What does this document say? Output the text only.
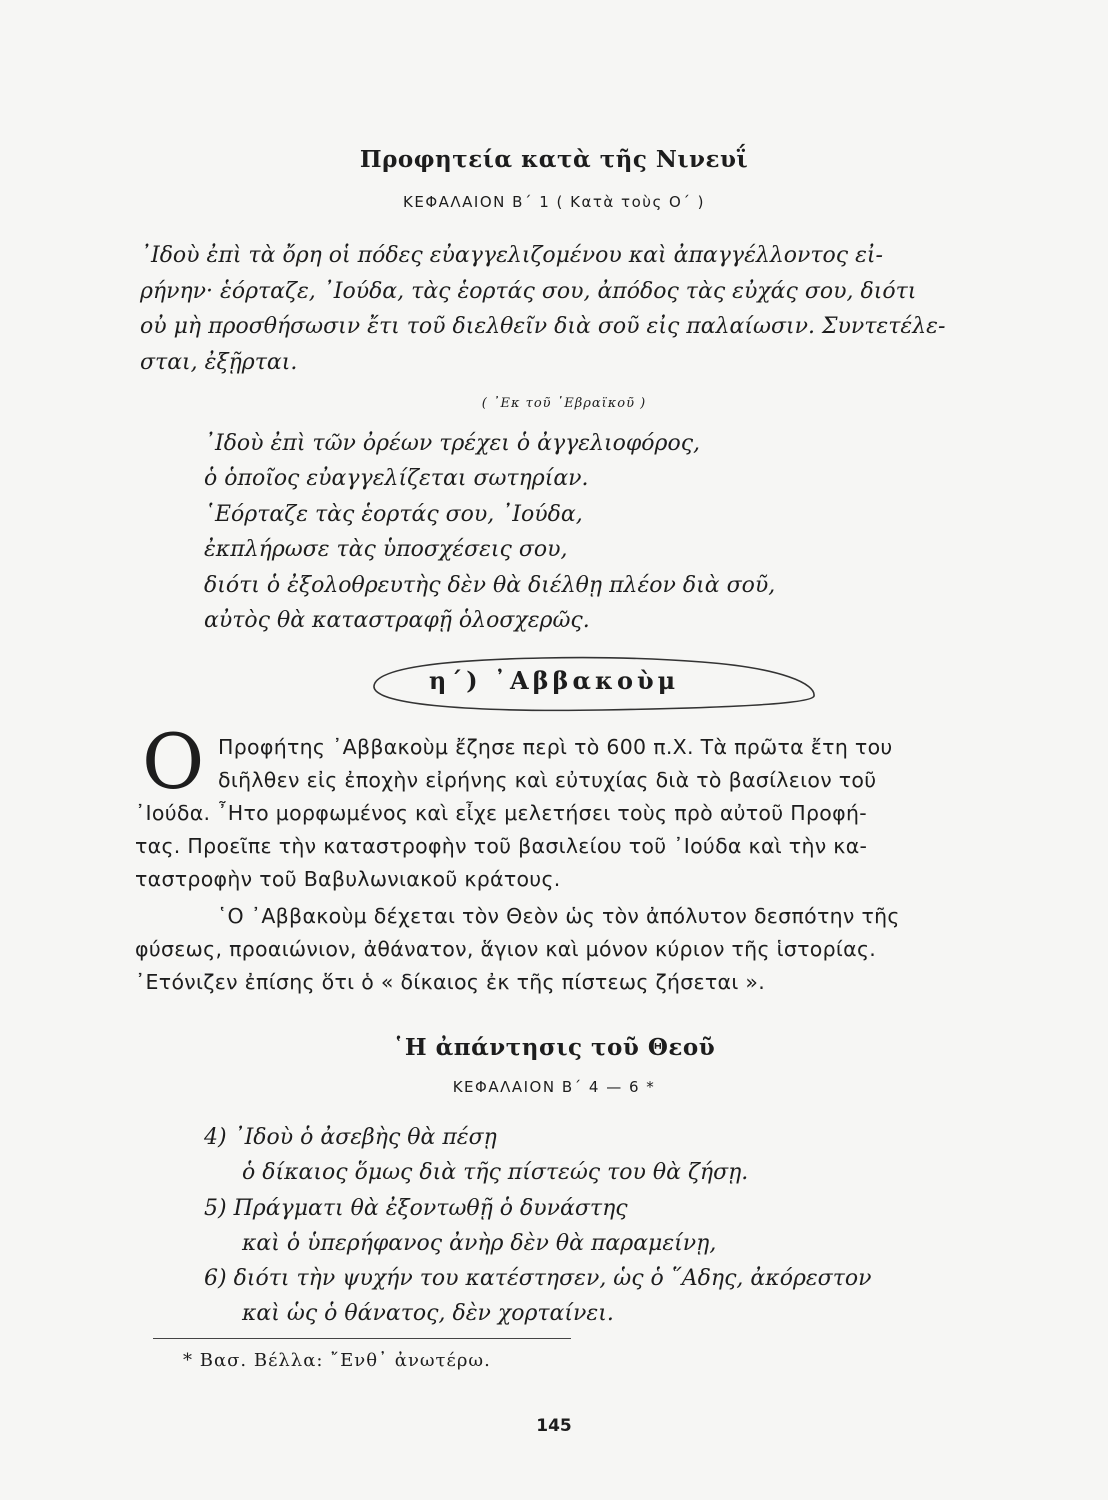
Προφητεία κατὰ τῆς Νινευΐ
ΚΕΦΑΛΑΙΟΝ Β΄ 1 ( Κατὰ τοὺς Ο΄ )
᾿Ιδοὺ ἐπὶ τὰ ὄρη οἱ πόδες εὐαγγελιζομένου καὶ ἀπαγγέλλοντος εἰ-
ρήνην· ἑόρταζε, ᾿Ιούδα, τὰς ἑορτάς σου, ἀπόδος τὰς εὐχάς σου, διότι
οὐ μὴ προσθήσωσιν ἔτι τοῦ διελθεῖν διὰ σοῦ εἰς παλαίωσιν. Συντετέλε-
σται, ἐξῇρται.
( ᾿Εκ τοῦ ῾Εβραϊκοῦ )
᾿Ιδοὺ ἐπὶ τῶν ὀρέων τρέχει ὁ ἀγγελιοφόρος,
ὁ ὁποῖος εὐαγγελίζεται σωτηρίαν.
῾Εόρταζε τὰς ἑορτάς σου, ᾿Ιούδα,
ἐκπλήρωσε τὰς ὑποσχέσεις σου,
διότι ὁ ἐξολοθρευτὴς δὲν θὰ διέλθῃ πλέον διὰ σοῦ,
αὐτὸς θὰ καταστραφῇ ὁλοσχερῶς.
η΄) ᾿Αββακοὺμ
Ο Προφήτης ᾿Αββακοὺμ ἔζησε περὶ τὸ 600 π.Χ. Τὰ πρῶτα ἔτη του
διῆλθεν εἰς ἐποχὴν εἰρήνης καὶ εὐτυχίας διὰ τὸ βασίλειον τοῦ
᾿Ιούδα. ῏Ητο μορφωμένος καὶ εἶχε μελετήσει τοὺς πρὸ αὐτοῦ Προφή-
τας. Προεῖπε τὴν καταστροφὴν τοῦ βασιλείου τοῦ ᾿Ιούδα καὶ τὴν κα-
ταστροφὴν τοῦ Βαβυλωνιακοῦ κράτους.
῾Ο ᾿Αββακοὺμ δέχεται τὸν Θεὸν ὡς τὸν ἀπόλυτον δεσπότην τῆς
φύσεως, προαιώνιον, ἀθάνατον, ἅγιον καὶ μόνον κύριον τῆς ἱστορίας.
᾿Ετόνιζεν ἐπίσης ὅτι ὁ « δίκαιος ἐκ τῆς πίστεως ζήσεται ».
῾Η ἀπάντησις τοῦ Θεοῦ
ΚΕΦΑΛΑΙΟΝ Β΄ 4 — 6 *
4) ᾿Ιδοὺ ὁ ἀσεβὴς θὰ πέσῃ
ὁ δίκαιος ὅμως διὰ τῆς πίστεώς του θὰ ζήσῃ.
5) Πράγματι θὰ ἐξοντωθῇ ὁ δυνάστης
καὶ ὁ ὑπερήφανος ἀνὴρ δὲν θὰ παραμείνῃ,
6) διότι τὴν ψυχήν του κατέστησεν, ὡς ὁ ῞Αδης, ἀκόρεστον
καὶ ὡς ὁ θάνατος, δὲν χορταίνει.
* Βασ. Βέλλα: ῎Ενθ᾿ ἀνωτέρω.
145
